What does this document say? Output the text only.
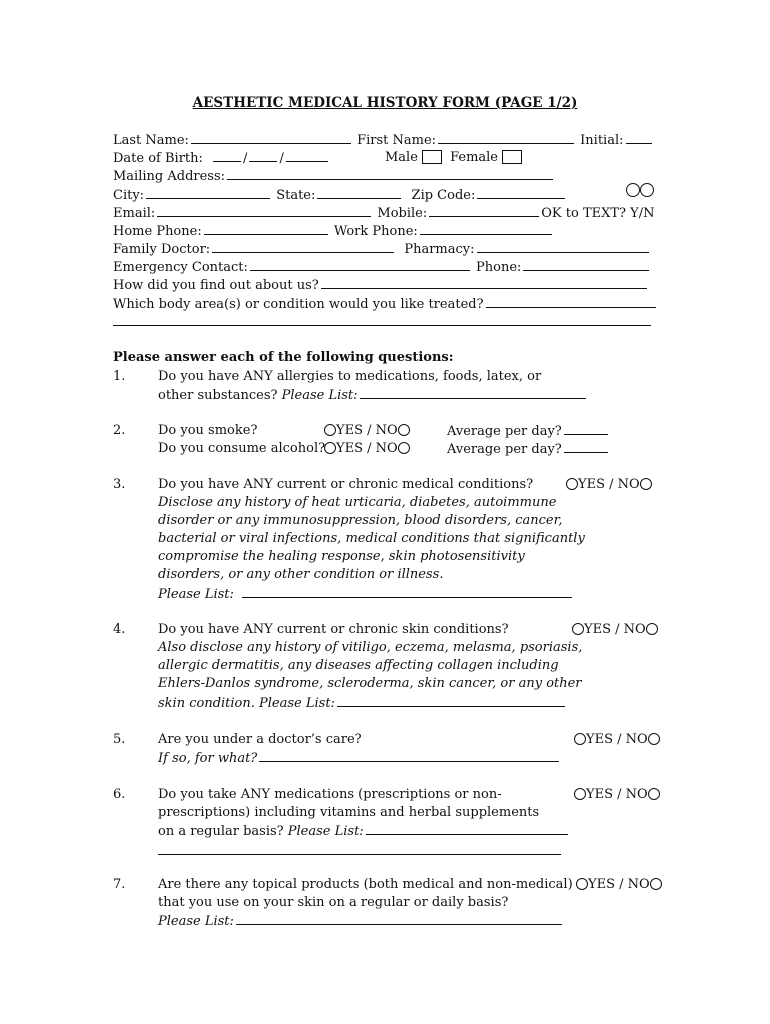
AESTHETIC MEDICAL HISTORY FORM (PAGE 1/2)
Last Name:	First Name:	Initial:
Date of Birth:	/ /	Male Female
Mailing Address:
City:	State:	Zip Code:
Email:	Mobile:	OK to TEXT? Y/N
Home Phone:	Work Phone:
Family Doctor:	Pharmacy:
Emergency Contact:	Phone:
How did you find out about us?
Which body area(s) or condition would you like treated?
Please answer each of the following questions:
1.	Do you have ANY allergies to medications, foods, latex, or
other substances? Please List:
2.	Do you smoke?	YES / NO	Average per day?
Do you consume alcohol? YES / NO	Average per day?
3.	Do you have ANY current or chronic medical conditions?	YES / NO
Disclose any history of heat urticaria, diabetes, autoimmune
disorder or any immunosuppression, blood disorders, cancer,
bacterial or viral infections, medical conditions that significantly
compromise the healing response, skin photosensitivity
disorders, or any other condition or illness.
Please List:
4.	Do you have ANY current or chronic skin conditions?	YES / NO
Also disclose any history of vitiligo, eczema, melasma, psoriasis,
allergic dermatitis, any diseases affecting collagen including
Ehlers-Danlos syndrome, scleroderma, skin cancer, or any other
skin condition. Please List:
5.	Are you under a doctor’s care?	YES / NO
If so, for what?
6.	Do you take ANY medications (prescriptions or non-	YES / NO
prescriptions) including vitamins and herbal supplements
on a regular basis? Please List:
7.	Are there any topical products (both medical and non-medical)	YES / NO
that you use on your skin on a regular or daily basis?
Please List:
